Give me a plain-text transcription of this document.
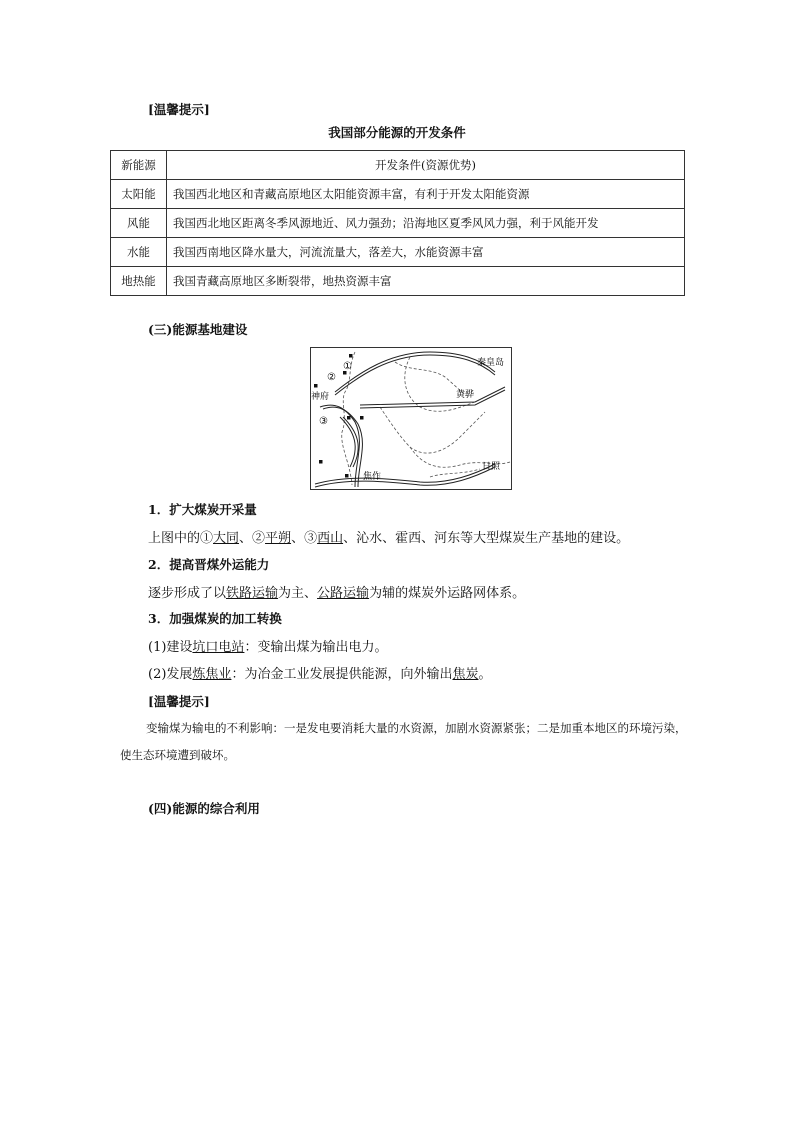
[温馨提示]
我国部分能源的开发条件
新能源	开发条件(资源优势)
太阳能	我国西北地区和青藏高原地区太阳能资源丰富，有利于开发太阳能资源
风能	我国西北地区距离冬季风源地近、风力强劲；沿海地区夏季风风力强，利于风能开发
水能	我国西南地区降水量大，河流流量大，落差大，水能资源丰富
地热能	我国青藏高原地区多断裂带，地热资源丰富
(三)能源基地建设
①
②
③
秦皇岛
神府	黄骅
日照
焦作
1．扩大煤炭开采量
上图中的①大同、②平朔、③西山、沁水、霍西、河东等大型煤炭生产基地的建设。
2．提高晋煤外运能力
逐步形成了以铁路运输为主、公路运输为辅的煤炭外运路网体系。
3．加强煤炭的加工转换
(1)建设坑口电站：变输出煤为输出电力。
(2)发展炼焦业：为冶金工业发展提供能源，向外输出焦炭。
[温馨提示]
变输煤为输电的不利影响：一是发电要消耗大量的水资源，加剧水资源紧张；二是加重本地区的环境污染，使生态环境遭到破坏。
(四)能源的综合利用
